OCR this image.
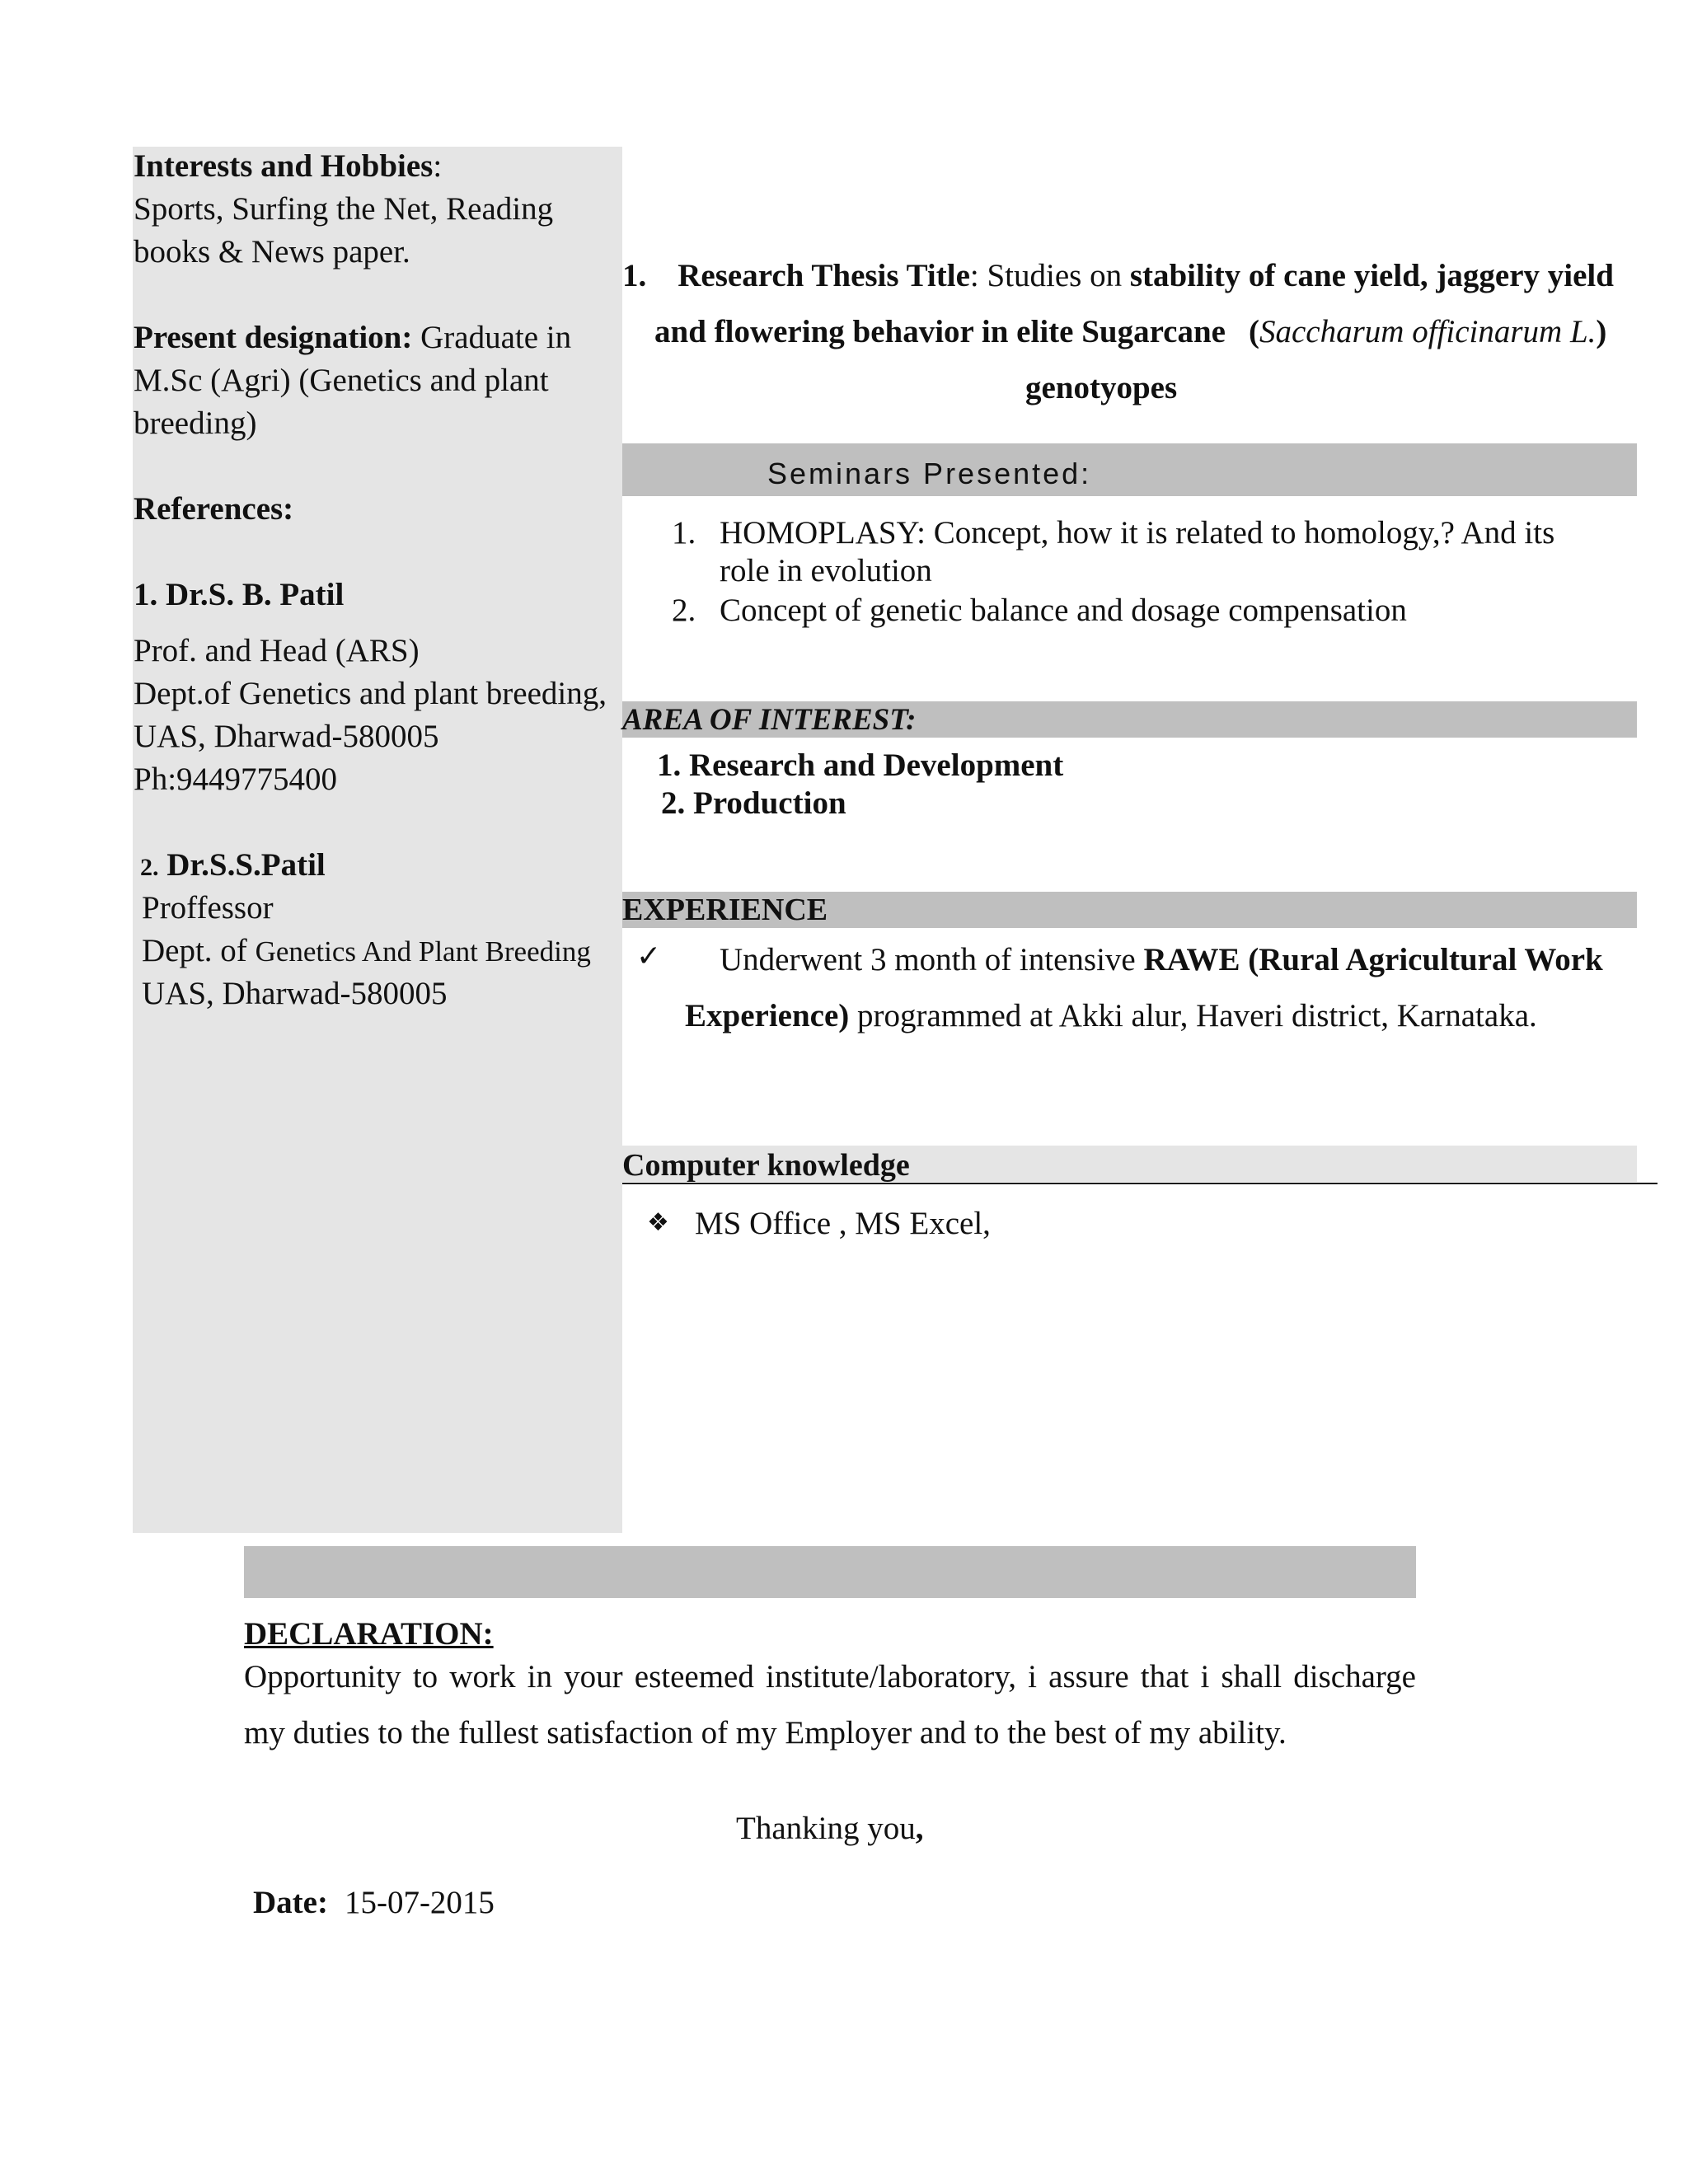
Interests and Hobbies:
Sports, Surfing the Net, Reading
books & News paper.
Present designation: Graduate in
M.Sc (Agri) (Genetics and plant
breeding)
References:
1. Dr.S. B. Patil
Prof. and Head (ARS)
Dept.of Genetics and plant breeding,
UAS, Dharwad-580005
Ph:9449775400
2. Dr.S.S.Patil
Proffessor
Dept. of Genetics And Plant Breeding
UAS, Dharwad-580005
1. Research Thesis Title: Studies on stability of cane yield, jaggery yield
and flowering behavior in elite Sugarcane (Saccharum officinarum L.)
genotyopes
Seminars Presented:
1. HOMOPLASY: Concept, how it is related to homology,? And its
role in evolution
2. Concept of genetic balance and dosage compensation
AREA OF INTEREST:
1. Research and Development
2. Production
EXPERIENCE
✓ Underwent 3 month of intensive RAWE (Rural Agricultural Work
Experience) programmed at Akki alur, Haveri district, Karnataka.
Computer knowledge
❖ MS Office , MS Excel,
DECLARATION:
Opportunity to work in your esteemed institute/laboratory, i assure that i shall discharge
my duties to the fullest satisfaction of my Employer and to the best of my ability.
Thanking you,
Date: 15-07-2015
